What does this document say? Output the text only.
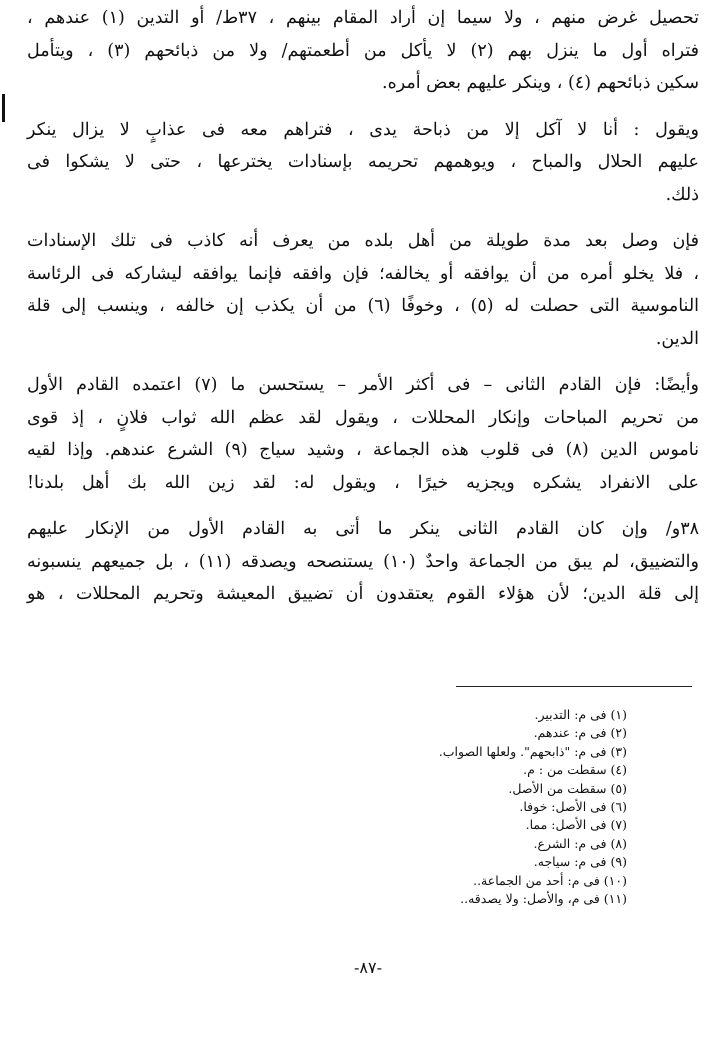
تحصيل غرض منهم ، ولا سيما إن أراد المقام بينهم ، ٣٧ط/ أو التدين (١) عندهم ،
فتراه أول ما ينزل بهم (٢) لا يأكل من أطعمتهم/ ولا من ذبائحهم (٣) ، ويتأمل
سكين ذبائحهم (٤) ، وينكر عليهم بعض أمره.

ويقول : أنا لا آكل إلا من ذباحة يدى ، فتراهم معه فى عذابٍ لا يزال ينكر
عليهم الحلال والمباح ، ويوهمهم تحريمه بإسنادات يخترعها ، حتى لا يشكوا فى
ذلك.

فإن وصل بعد مدة طويلة من أهل بلده من يعرف أنه كاذب فى تلك الإسنادات
، فلا يخلو أمره من أن يوافقه أو يخالفه؛ فإن وافقه فإنما يوافقه ليشاركه فى الرئاسة
الناموسية التى حصلت له (٥) ، وخوفًا (٦) من أن يكذب إن خالفه ، وينسب إلى قلة
الدين.

وأيضًا: فإن القادم الثانى – فى أكثر الأمر – يستحسن ما (٧) اعتمده القادم الأول
من تحريم المباحات وإنكار المحللات ، ويقول لقد عظم الله ثواب فلانٍ ، إذ قوى
ناموس الدين (٨) فى قلوب هذه الجماعة ، وشيد سياج (٩) الشرع عندهم. وإذا لقيه
على الانفراد يشكره ويجزيه خيرًا ، ويقول له: لقد زين الله بك أهل بلدنا!

٣٨و/ وإن كان القادم الثانى ينكر ما أتى به القادم الأول من الإنكار عليهم
والتضييق، لم يبق من الجماعة واحدٌ (١٠) يستنصحه ويصدقه (١١) ، بل جميعهم ينسبونه
إلى قلة الدين؛ لأن هؤلاء القوم يعتقدون أن تضييق المعيشة وتحريم المحللات ، هو

(١) فى م: التدبير.
(٢) فى م: عندهم.
(٣) فى م: "ذابحهم". ولعلها الصواب.
(٤) سقطت من : م.
(٥) سقطت من الأصل.
(٦) فى الأصل: خوفا.
(٧) فى الأصل: مما.
(٨) فى م: الشرع.
(٩) فى م: سياجه.
(١٠) فى م: أحد من الجماعة..
(١١) فى م، والأصل: ولا يصدقه..
-٨٧-
